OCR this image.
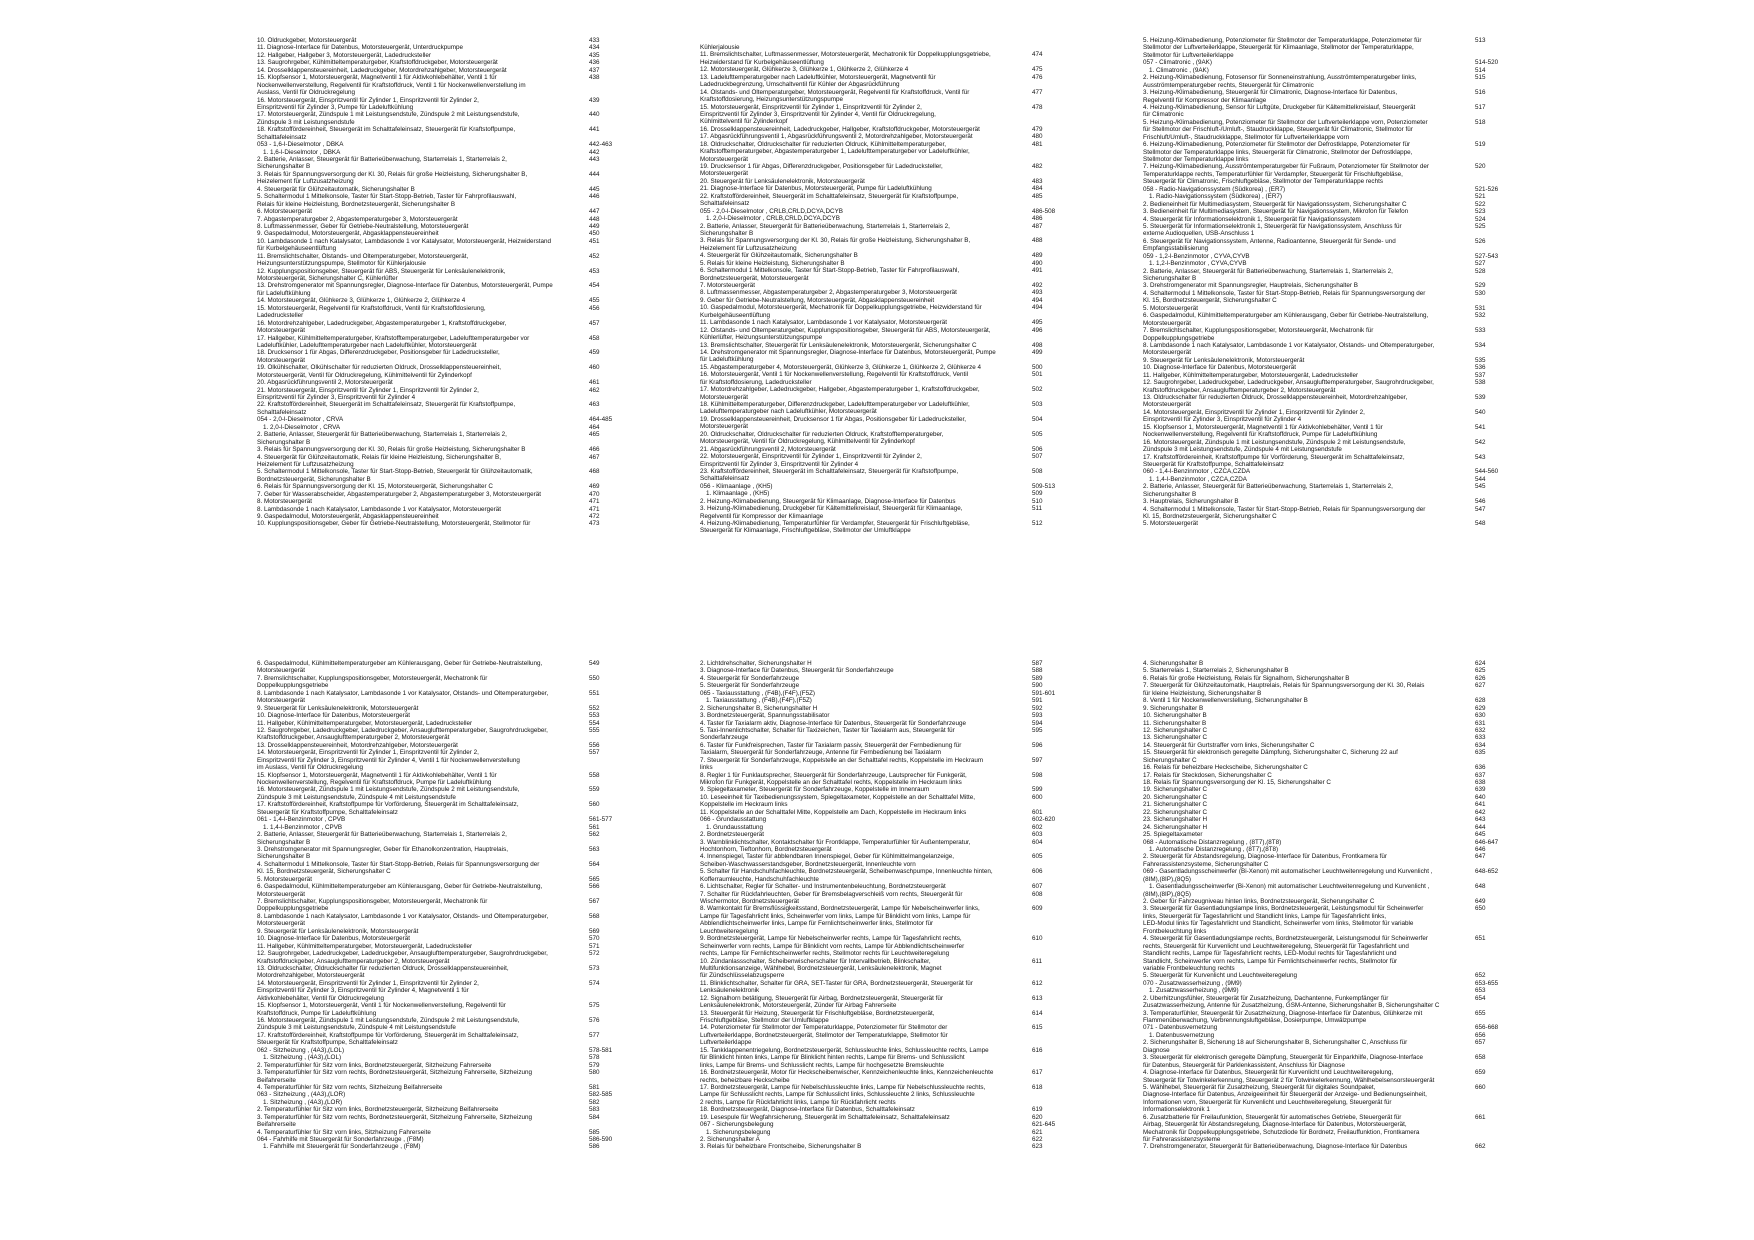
10. Öldruckgeber, Motorsteuergerät	433
11. Diagnose-Interface für Datenbus, Motorsteuergerät, Unterdruckpumpe	434
12. Hallgeber, Hallgeber 3, Motorsteuergerät, Ladedrucksteller	435
13. Saugrohrgeber, Kühlmitteltemperaturgeber, Kraftstoffdruckgeber, Motorsteuergerät	436
14. Drosselklappensteuereinheit, Ladedruckgeber, Motordrehzahlgeber, Motorsteuergerät	437
15. Klopfsensor 1, Motorsteuergerät, Magnetventil 1 für Aktivkohlebehälter, Ventil 1 für	438
Nockenwellenverstellung, Regelventil für Kraftstoffdruck, Ventil 1 für Nockenwellenverstellung im
Auslass, Ventil für Öldruckregelung
16. Motorsteuergerät, Einspritzventil für Zylinder 1, Einspritzventil für Zylinder 2,	439
Einspritzventil für Zylinder 3, Pumpe für Ladeluftkühlung
17. Motorsteuergerät, Zündspule 1 mit Leistungsendstufe, Zündspule 2 mit Leistungsendstufe,	440
Zündspule 3 mit Leistungsendstufe
18. Kraftstoffördereinheit, Steuergerät im Schalttafeleinsatz, Steuergerät für Kraftstoffpumpe,	441
Schalttafeleinsatz
053 - 1,6-l-Dieselmotor , DBKA	442-463
1. 1,6-l-Dieselmotor , DBKA	442
2. Batterie, Anlasser, Steuergerät für Batterieüberwachung, Starterrelais 1, Starterrelais 2,	443
Sicherungshalter B
3. Relais für Spannungsversorgung der Kl. 30, Relais für große Heizleistung, Sicherungshalter B,	444
Heizelement für Luftzusatzheizung
4. Steuergerät für Glühzeitautomatik, Sicherungshalter B	445
5. Schaltermodul 1 Mittelkonsole, Taster für Start-Stopp-Betrieb, Taster für Fahrprofilauswahl,	446
Relais für kleine Heizleistung, Bordnetzsteuergerät, Sicherungshalter B
6. Motorsteuergerät	447
7. Abgastemperaturgeber 2, Abgastemperaturgeber 3, Motorsteuergerät	448
8. Luftmassenmesser, Geber für Getriebe-Neutralstellung, Motorsteuergerät	449
9. Gaspedalmodul, Motorsteuergerät, Abgasklappensteuereinheit	450
10. Lambdasonde 1 nach Katalysator, Lambdasonde 1 vor Katalysator, Motorsteuergerät, Heizwiderstand	451
für Kurbelgehäuseentlüftung
11. Bremslichtschalter, Ölstands- und Öltemperaturgeber, Motorsteuergerät,	452
Heizungsunterstützungspumpe, Stellmotor für Kühlerjalousie
12. Kupplungspositionsgeber, Steuergerät für ABS, Steuergerät für Lenksäulenelektronik,	453
Motorsteuergerät, Sicherungshalter C, Kühlerlüfter
13. Drehstromgenerator mit Spannungsregler, Diagnose-Interface für Datenbus, Motorsteuergerät, Pumpe	454
für Ladeluftkühlung
14. Motorsteuergerät, Glühkerze 3, Glühkerze 1, Glühkerze 2, Glühkerze 4	455
15. Motorsteuergerät, Regelventil für Kraftstoffdruck, Ventil für Kraftstoffdosierung,	456
Ladedrucksteller
16. Motordrehzahlgeber, Ladedruckgeber, Abgastemperaturgeber 1, Kraftstoffdruckgeber,	457
Motorsteuergerät
17. Hallgeber, Kühlmitteltemperaturgeber, Kraftstofftemperaturgeber, Ladelufttemperaturgeber vor	458
Ladeluftkühler, Ladelufttemperaturgeber nach Ladeluftkühler, Motorsteuergerät
18. Drucksensor 1 für Abgas, Differenzdruckgeber, Positionsgeber für Ladedrucksteller,	459
Motorsteuergerät
19. Ölkühlschalter, Ölkühlschalter für reduzierten Öldruck, Drosselklappensteuereinheit,	460
Motorsteuergerät, Ventil für Öldruckregelung, Kühlmittelventil für Zylinderkopf
20. Abgasrückführungsventil 2, Motorsteuergerät	461
21. Motorsteuergerät, Einspritzventil für Zylinder 1, Einspritzventil für Zylinder 2,	462
Einspritzventil für Zylinder 3, Einspritzventil für Zylinder 4
22. Kraftstoffördereinheit, Steuergerät im Schalttafeleinsatz, Steuergerät für Kraftstoffpumpe,	463
Schalttafeleinsatz
054 - 2,0-l-Dieselmotor , CRVA	464-485
1. 2,0-l-Dieselmotor , CRVA	464
2. Batterie, Anlasser, Steuergerät für Batterieüberwachung, Starterrelais 1, Starterrelais 2,	465
Sicherungshalter B
3. Relais für Spannungsversorgung der Kl. 30, Relais für große Heizleistung, Sicherungshalter B	466
4. Steuergerät für Glühzeitautomatik, Relais für kleine Heizleistung, Sicherungshalter B,	467
Heizelement für Luftzusatzheizung
5. Schaltermodul 1 Mittelkonsole, Taster für Start-Stopp-Betrieb, Steuergerät für Glühzeitautomatik,	468
Bordnetzsteuergerät, Sicherungshalter B
6. Relais für Spannungsversorgung der Kl. 15, Motorsteuergerät, Sicherungshalter C	469
7. Geber für Wasserabscheider, Abgastemperaturgeber 2, Abgastemperaturgeber 3, Motorsteuergerät	470
8. Motorsteuergerät	471
8. Lambdasonde 1 nach Katalysator, Lambdasonde 1 vor Katalysator, Motorsteuergerät	471
9. Gaspedalmodul, Motorsteuergerät, Abgasklappensteuereinheit	472
10. Kupplungspositionsgeber, Geber für Getriebe-Neutralstellung, Motorsteuergerät, Stellmotor für	473
Kühlerjalousie
11. Bremslichtschalter, Luftmassenmesser, Motorsteuergerät, Mechatronik für Doppelkupplungsgetriebe,	474
Heizwiderstand für Kurbelgehäuseentlüftung
12. Motorsteuergerät, Glühkerze 3, Glühkerze 1, Glühkerze 2, Glühkerze 4	475
13. Ladelufttemperaturgeber nach Ladeluftkühler, Motorsteuergerät, Magnetventil für	476
Ladedruckbegrenzung, Umschaltventil für Kühler der Abgasrückführung
14. Ölstands- und Öltemperaturgeber, Motorsteuergerät, Regelventil für Kraftstoffdruck, Ventil für	477
Kraftstoffdosierung, Heizungsunterstützungspumpe
15. Motorsteuergerät, Einspritzventil für Zylinder 1, Einspritzventil für Zylinder 2,	478
Einspritzventil für Zylinder 3, Einspritzventil für Zylinder 4, Ventil für Öldruckregelung,
Kühlmittelventil für Zylinderkopf
16. Drosselklappensteuereinheit, Ladedruckgeber, Hallgeber, Kraftstoffdruckgeber, Motorsteuergerät	479
17. Abgasrückführungsventil 1, Abgasrückführungsventil 2, Motordrehzahlgeber, Motorsteuergerät	480
18. Öldruckschalter, Öldruckschalter für reduzierten Öldruck, Kühlmitteltemperaturgeber,	481
Kraftstofftemperaturgeber, Abgastemperaturgeber 1, Ladelufttemperaturgeber vor Ladeluftkühler,
Motorsteuergerät
19. Drucksensor 1 für Abgas, Differenzdruckgeber, Positionsgeber für Ladedrucksteller,	482
Motorsteuergerät
20. Steuergerät für Lenksäulenelektronik, Motorsteuergerät	483
21. Diagnose-Interface für Datenbus, Motorsteuergerät, Pumpe für Ladeluftkühlung	484
22. Kraftstoffördereinheit, Steuergerät im Schalttafeleinsatz, Steuergerät für Kraftstoffpumpe,	485
Schalttafeleinsatz
055 - 2,0-l-Dieselmotor , CRLB,CRLD,DCYA,DCYB	486-508
1. 2,0-l-Dieselmotor , CRLB,CRLD,DCYA,DCYB	486
2. Batterie, Anlasser, Steuergerät für Batterieüberwachung, Starterrelais 1, Starterrelais 2,	487
Sicherungshalter B
3. Relais für Spannungsversorgung der Kl. 30, Relais für große Heizleistung, Sicherungshalter B,	488
Heizelement für Luftzusatzheizung
4. Steuergerät für Glühzeitautomatik, Sicherungshalter B	489
5. Relais für kleine Heizleistung, Sicherungshalter B	490
6. Schaltermodul 1 Mittelkonsole, Taster für Start-Stopp-Betrieb, Taster für Fahrprofilauswahl,	491
Bordnetzsteuergerät, Motorsteuergerät
7. Motorsteuergerät	492
8. Luftmassenmesser, Abgastemperaturgeber 2, Abgastemperaturgeber 3, Motorsteuergerät	493
9. Geber für Getriebe-Neutralstellung, Motorsteuergerät, Abgasklappensteuereinheit	494
10. Gaspedalmodul, Motorsteuergerät, Mechatronik für Doppelkupplungsgetriebe, Heizwiderstand für	494
Kurbelgehäuseentlüftung
11. Lambdasonde 1 nach Katalysator, Lambdasonde 1 vor Katalysator, Motorsteuergerät	495
12. Ölstands- und Öltemperaturgeber, Kupplungspositionsgeber, Steuergerät für ABS, Motorsteuergerät,	496
Kühlerlüfter, Heizungsunterstützungspumpe
13. Bremslichtschalter, Steuergerät für Lenksäulenelektronik, Motorsteuergerät, Sicherungshalter C	498
14. Drehstromgenerator mit Spannungsregler, Diagnose-Interface für Datenbus, Motorsteuergerät, Pumpe	499
für Ladeluftkühlung
15. Abgastemperaturgeber 4, Motorsteuergerät, Glühkerze 3, Glühkerze 1, Glühkerze 2, Glühkerze 4	500
16. Motorsteuergerät, Ventil 1 für Nockenwellenverstellung, Regelventil für Kraftstoffdruck, Ventil	501
für Kraftstoffdosierung, Ladedrucksteller
17. Motordrehzahlgeber, Ladedruckgeber, Hallgeber, Abgastemperaturgeber 1, Kraftstoffdruckgeber,	502
Motorsteuergerät
18. Kühlmitteltemperaturgeber, Differenzdruckgeber, Ladelufttemperaturgeber vor Ladeluftkühler,	503
Ladelufttemperaturgeber nach Ladeluftkühler, Motorsteuergerät
19. Drosselklappensteuereinheit, Drucksensor 1 für Abgas, Positionsgeber für Ladedrucksteller,	504
Motorsteuergerät
20. Öldruckschalter, Öldruckschalter für reduzierten Öldruck, Kraftstofftemperaturgeber,	505
Motorsteuergerät, Ventil für Öldruckregelung, Kühlmittelventil für Zylinderkopf
21. Abgasrückführungsventil 2, Motorsteuergerät	506
22. Motorsteuergerät, Einspritzventil für Zylinder 1, Einspritzventil für Zylinder 2,	507
Einspritzventil für Zylinder 3, Einspritzventil für Zylinder 4
23. Kraftstoffördereinheit, Steuergerät im Schalttafeleinsatz, Steuergerät für Kraftstoffpumpe,	508
Schalttafeleinsatz
056 - Klimaanlage , (KH5)	509-513
1. Klimaanlage , (KH5)	509
2. Heizung-/Klimabedienung, Steuergerät für Klimaanlage, Diagnose-Interface für Datenbus	510
3. Heizung-/Klimabedienung, Druckgeber für Kältemittelkreislauf, Steuergerät für Klimaanlage,	511
Regelventil für Kompressor der Klimaanlage
4. Heizung-/Klimabedienung, Temperaturfühler für Verdampfer, Steuergerät für Frischluftgebläse,	512
Steuergerät für Klimaanlage, Frischluftgebläse, Stellmotor der Umluftklappe
5. Heizung-/Klimabedienung, Potenziometer für Stellmotor der Temperaturklappe, Potenziometer für	513
Stellmotor der Luftverteilerklappe, Steuergerät für Klimaanlage, Stellmotor der Temperaturklappe,
Stellmotor für Luftverteilerklappe
057 - Climatronic , (9AK)	514-520
1. Climatronic , (9AK)	514
2. Heizung-/Klimabedienung, Fotosensor für Sonneneinstrahlung, Ausströmtemperaturgeber links,	515
Ausströmtemperaturgeber rechts, Steuergerät für Climatronic
3. Heizung-/Klimabedienung, Steuergerät für Climatronic, Diagnose-Interface für Datenbus,	516
Regelventil für Kompressor der Klimaanlage
4. Heizung-/Klimabedienung, Sensor für Luftgüte, Druckgeber für Kältemittelkreislauf, Steuergerät	517
für Climatronic
5. Heizung-/Klimabedienung, Potenziometer für Stellmotor der Luftverteilerklappe vorn, Potenziometer	518
für Stellmotor der Frischluft-/Umluft-, Staudruckklappe, Steuergerät für Climatronic, Stellmotor für
Frischluft/Umluft-, Staudruckklappe, Stellmotor für Luftverteilerklappe vorn
6. Heizung-/Klimabedienung, Potenziometer für Stellmotor der Defrostklappe, Potenziometer für	519
Stellmotor der Temperaturklappe links, Steuergerät für Climatronic, Stellmotor der Defrostklappe,
Stellmotor der Temperaturklappe links
7. Heizung-/Klimabedienung, Ausströmtemperaturgeber für Fußraum, Potenziometer für Stellmotor der	520
Temperaturklappe rechts, Temperaturfühler für Verdampfer, Steuergerät für Frischluftgebläse,
Steuergerät für Climatronic, Frischluftgebläse, Stellmotor der Temperaturklappe rechts
058 - Radio-Navigationssystem (Südkorea) , (ER7)	521-526
1. Radio-Navigationssystem (Südkorea) , (ER7)	521
2. Bedieneinheit für Multimediasystem, Steuergerät für Navigationssystem, Sicherungshalter C	522
3. Bedieneinheit für Multimediasystem, Steuergerät für Navigationssystem, Mikrofon für Telefon	523
4. Steuergerät für Informationselektronik 1, Steuergerät für Navigationssystem	524
5. Steuergerät für Informationselektronik 1, Steuergerät für Navigationssystem, Anschluss für	525
externe Audioquellen, USB-Anschluss 1
6. Steuergerät für Navigationssystem, Antenne, Radioantenne, Steuergerät für Sende- und	526
Empfangsstabilisierung
059 - 1,2-l-Benzinmotor , CYVA,CYVB	527-543
1. 1,2-l-Benzinmotor , CYVA,CYVB	527
2. Batterie, Anlasser, Steuergerät für Batterieüberwachung, Starterrelais 1, Starterrelais 2,	528
Sicherungshalter B
3. Drehstromgenerator mit Spannungsregler, Hauptrelais, Sicherungshalter B	529
4. Schaltermodul 1 Mittelkonsole, Taster für Start-Stopp-Betrieb, Relais für Spannungsversorgung der	530
Kl. 15, Bordnetzsteuergerät, Sicherungshalter C
5. Motorsteuergerät	531
6. Gaspedalmodul, Kühlmitteltemperaturgeber am Kühlerausgang, Geber für Getriebe-Neutralstellung,	532
Motorsteuergerät
7. Bremslichtschalter, Kupplungspositionsgeber, Motorsteuergerät, Mechatronik für	533
Doppelkupplungsgetriebe
8. Lambdasonde 1 nach Katalysator, Lambdasonde 1 vor Katalysator, Ölstands- und Öltemperaturgeber,	534
Motorsteuergerät
9. Steuergerät für Lenksäulenelektronik, Motorsteuergerät	535
10. Diagnose-Interface für Datenbus, Motorsteuergerät	536
11. Hallgeber, Kühlmitteltemperaturgeber, Motorsteuergerät, Ladedrucksteller	537
12. Saugrohrgeber, Ladedruckgeber, Ladedruckgeber, Ansauglufttemperaturgeber, Saugrohrdruckgeber,	538
Kraftstoffdruckgeber, Ansauglufttemperaturgeber 2, Motorsteuergerät
13. Öldruckschalter für reduzierten Öldruck, Drosselklappensteuereinheit, Motordrehzahlgeber,	539
Motorsteuergerät
14. Motorsteuergerät, Einspritzventil für Zylinder 1, Einspritzventil für Zylinder 2,	540
Einspritzventil für Zylinder 3, Einspritzventil für Zylinder 4
15. Klopfsensor 1, Motorsteuergerät, Magnetventil 1 für Aktivkohlebehälter, Ventil 1 für	541
Nockenwellenverstellung, Regelventil für Kraftstoffdruck, Pumpe für Ladeluftkühlung
16. Motorsteuergerät, Zündspule 1 mit Leistungsendstufe, Zündspule 2 mit Leistungsendstufe,	542
Zündspule 3 mit Leistungsendstufe, Zündspule 4 mit Leistungsendstufe
17. Kraftstoffördereinheit, Kraftstoffpumpe für Vorförderung, Steuergerät im Schalttafeleinsatz,	543
Steuergerät für Kraftstoffpumpe, Schalttafeleinsatz
060 - 1,4-l-Benzinmotor , CZCA,CZDA	544-560
1. 1,4-l-Benzinmotor , CZCA,CZDA	544
2. Batterie, Anlasser, Steuergerät für Batterieüberwachung, Starterrelais 1, Starterrelais 2,	545
Sicherungshalter B
3. Hauptrelais, Sicherungshalter B	546
4. Schaltermodul 1 Mittelkonsole, Taster für Start-Stopp-Betrieb, Relais für Spannungsversorgung der	547
Kl. 15, Bordnetzsteuergerät, Sicherungshalter C
5. Motorsteuergerät	548
6. Gaspedalmodul, Kühlmitteltemperaturgeber am Kühlerausgang, Geber für Getriebe-Neutralstellung,	549
Motorsteuergerät
7. Bremslichtschalter, Kupplungspositionsgeber, Motorsteuergerät, Mechatronik für	550
Doppelkupplungsgetriebe
8. Lambdasonde 1 nach Katalysator, Lambdasonde 1 vor Katalysator, Ölstands- und Öltemperaturgeber,	551
Motorsteuergerät
9. Steuergerät für Lenksäulenelektronik, Motorsteuergerät	552
10. Diagnose-Interface für Datenbus, Motorsteuergerät	553
11. Hallgeber, Kühlmitteltemperaturgeber, Motorsteuergerät, Ladedrucksteller	554
12. Saugrohrgeber, Ladedruckgeber, Ladedruckgeber, Ansauglufttemperaturgeber, Saugrohrdruckgeber,	555
Kraftstoffdruckgeber, Ansauglufttemperaturgeber 2, Motorsteuergerät
13. Drosselklappensteuereinheit, Motordrehzahlgeber, Motorsteuergerät	556
14. Motorsteuergerät, Einspritzventil für Zylinder 1, Einspritzventil für Zylinder 2,	557
Einspritzventil für Zylinder 3, Einspritzventil für Zylinder 4, Ventil 1 für Nockenwellenverstellung
im Auslass, Ventil für Öldruckregelung
15. Klopfsensor 1, Motorsteuergerät, Magnetventil 1 für Aktivkohlebehälter, Ventil 1 für	558
Nockenwellenverstellung, Regelventil für Kraftstoffdruck, Pumpe für Ladeluftkühlung
16. Motorsteuergerät, Zündspule 1 mit Leistungsendstufe, Zündspule 2 mit Leistungsendstufe,	559
Zündspule 3 mit Leistungsendstufe, Zündspule 4 mit Leistungsendstufe
17. Kraftstoffördereinheit, Kraftstoffpumpe für Vorförderung, Steuergerät im Schalttafeleinsatz,	560
Steuergerät für Kraftstoffpumpe, Schalttafeleinsatz
061 - 1,4-l-Benzinmotor , CPVB	561-577
1. 1,4-l-Benzinmotor , CPVB	561
2. Batterie, Anlasser, Steuergerät für Batterieüberwachung, Starterrelais 1, Starterrelais 2,	562
Sicherungshalter B
3. Drehstromgenerator mit Spannungsregler, Geber für Ethanolkonzentration, Hauptrelais,	563
Sicherungshalter B
4. Schaltermodul 1 Mittelkonsole, Taster für Start-Stopp-Betrieb, Relais für Spannungsversorgung der	564
Kl. 15, Bordnetzsteuergerät, Sicherungshalter C
5. Motorsteuergerät	565
6. Gaspedalmodul, Kühlmitteltemperaturgeber am Kühlerausgang, Geber für Getriebe-Neutralstellung,	566
Motorsteuergerät
7. Bremslichtschalter, Kupplungspositionsgeber, Motorsteuergerät, Mechatronik für	567
Doppelkupplungsgetriebe
8. Lambdasonde 1 nach Katalysator, Lambdasonde 1 vor Katalysator, Ölstands- und Öltemperaturgeber,	568
Motorsteuergerät
9. Steuergerät für Lenksäulenelektronik, Motorsteuergerät	569
10. Diagnose-Interface für Datenbus, Motorsteuergerät	570
11. Hallgeber, Kühlmitteltemperaturgeber, Motorsteuergerät, Ladedrucksteller	571
12. Saugrohrgeber, Ladedruckgeber, Ladedruckgeber, Ansauglufttemperaturgeber, Saugrohrdruckgeber,	572
Kraftstoffdruckgeber, Ansauglufttemperaturgeber 2, Motorsteuergerät
13. Öldruckschalter, Öldruckschalter für reduzierten Öldruck, Drosselklappensteuereinheit,	573
Motordrehzahlgeber, Motorsteuergerät
14. Motorsteuergerät, Einspritzventil für Zylinder 1, Einspritzventil für Zylinder 2,	574
Einspritzventil für Zylinder 3, Einspritzventil für Zylinder 4, Magnetventil 1 für
Aktivkohlebehälter, Ventil für Öldruckregelung
15. Klopfsensor 1, Motorsteuergerät, Ventil 1 für Nockenwellenverstellung, Regelventil für	575
Kraftstoffdruck, Pumpe für Ladeluftkühlung
16. Motorsteuergerät, Zündspule 1 mit Leistungsendstufe, Zündspule 2 mit Leistungsendstufe,	576
Zündspule 3 mit Leistungsendstufe, Zündspule 4 mit Leistungsendstufe
17. Kraftstoffördereinheit, Kraftstoffpumpe für Vorförderung, Steuergerät im Schalttafeleinsatz,	577
Steuergerät für Kraftstoffpumpe, Schalttafeleinsatz
062 - Sitzheizung , (4A3),(LOL)	578-581
1. Sitzheizung , (4A3),(LOL)	578
2. Temperaturfühler für Sitz vorn links, Bordnetzsteuergerät, Sitzheizung Fahrerseite	579
3. Temperaturfühler für Sitz vorn rechts, Bordnetzsteuergerät, Sitzheizung Fahrerseite, Sitzheizung	580
Beifahrerseite
4. Temperaturfühler für Sitz vorn rechts, Sitzheizung Beifahrerseite	581
063 - Sitzheizung , (4A3),(LOR)	582-585
1. Sitzheizung , (4A3),(LOR)	582
2. Temperaturfühler für Sitz vorn links, Bordnetzsteuergerät, Sitzheizung Beifahrerseite	583
3. Temperaturfühler für Sitz vorn rechts, Bordnetzsteuergerät, Sitzheizung Fahrerseite, Sitzheizung	584
Beifahrerseite
4. Temperaturfühler für Sitz vorn links, Sitzheizung Fahrerseite	585
064 - Fahrhilfe mit Steuergerät für Sonderfahrzeuge , (F8M)	586-590
1. Fahrhilfe mit Steuergerät für Sonderfahrzeuge , (F8M)	586
2. Lichtdrehschalter, Sicherungshalter H	587
3. Diagnose-Interface für Datenbus, Steuergerät für Sonderfahrzeuge	588
4. Steuergerät für Sonderfahrzeuge	589
5. Steuergerät für Sonderfahrzeuge	590
065 - Taxiausstattung , (F4B),(F4F),(F5Z)	591-601
1. Taxiausstattung , (F4B),(F4F),(F5Z)	591
2. Sicherungshalter B, Sicherungshalter H	592
3. Bordnetzsteuergerät, Spannungsstabilisator	593
4. Taster für Taxialarm aktiv, Diagnose-Interface für Datenbus, Steuergerät für Sonderfahrzeuge	594
5. Taxi-Innenlichtschalter, Schalter für Taxizeichen, Taster für Taxialarm aus, Steuergerät für	595
Sonderfahrzeuge
6. Taster für Funkfreisprechen, Taster für Taxialarm passiv, Steuergerät der Fernbedienung für	596
Taxialarm, Steuergerät für Sonderfahrzeuge, Antenne für Fernbedienung bei Taxialarm
7. Steuergerät für Sonderfahrzeuge, Koppelstelle an der Schalttafel rechts, Koppelstelle im Heckraum	597
links
8. Regler 1 für Funklautsprecher, Steuergerät für Sonderfahrzeuge, Lautsprecher für Funkgerät,	598
Mikrofon für Funkgerät, Koppelstelle an der Schalttafel rechts, Koppelstelle im Heckraum links
9. Spiegeltaxameter, Steuergerät für Sonderfahrzeuge, Koppelstelle im Innenraum	599
10. Leseeinheit für Taxibedienungssystem, Spiegeltaxameter, Koppelstelle an der Schalttafel Mitte,	600
Koppelstelle im Heckraum links
11. Koppelstelle an der Schalttafel Mitte, Koppelstelle am Dach, Koppelstelle im Heckraum links	601
066 - Grundausstattung	602-620
1. Grundausstattung	602
2. Bordnetzsteuergerät	603
3. Warnblinklichtschalter, Kontaktschalter für Frontklappe, Temperaturfühler für Außentemperatur,	604
Hochtonhorn, Tieftonhorn, Bordnetzsteuergerät
4. Innenspiegel, Taster für abblendbaren Innenspiegel, Geber für Kühlmittelmangelanzeige,	605
Scheiben-Waschwasserstandsgeber, Bordnetzsteuergerät, Innenleuchte vorn
5. Schalter für Handschuhfachleuchte, Bordnetzsteuergerät, Scheibenwaschpumpe, Innenleuchte hinten,	606
Kofferraumleuchte, Handschuhfachleuchte
6. Lichtschalter, Regler für Schalter- und Instrumentenbeleuchtung, Bordnetzsteuergerät	607
7. Schalter für Rückfahrleuchten, Geber für Bremsbelagverschleiß vorn rechts, Steuergerät für	608
Wischermotor, Bordnetzsteuergerät
8. Warnkontakt für Bremsflüssigkeitsstand, Bordnetzsteuergerät, Lampe für Nebelscheinwerfer links,	609
Lampe für Tagesfahrlicht links, Scheinwerfer vorn links, Lampe für Blinklicht vorn links, Lampe für
Abblendlichtscheinwerfer links, Lampe für Fernlichtscheinwerfer links, Stellmotor für
Leuchtweiteregelung
9. Bordnetzsteuergerät, Lampe für Nebelscheinwerfer rechts, Lampe für Tagesfahrlicht rechts,	610
Scheinwerfer vorn rechts, Lampe für Blinklicht vorn rechts, Lampe für Abblendlichtscheinwerfer
rechts, Lampe für Fernlichtscheinwerfer rechts, Stellmotor rechts für Leuchtweiteregelung
10. Zündanlassschalter, Scheibenwischerschalter für Intervallbetrieb, Blinkschalter,	611
Multifunktionsanzeige, Wählhebel, Bordnetzsteuergerät, Lenksäulenelektronik, Magnet
für Zündschlüsselabzugsperre
11. Blinklichtschalter, Schalter für GRA, SET-Taster für GRA, Bordnetzsteuergerät, Steuergerät für	612
Lenksäulenelektronik
12. Signalhorn betätigung, Steuergerät für Airbag, Bordnetzsteuergerät, Steuergerät für	613
Lenksäulenelektronik, Motorsteuergerät, Zünder für Airbag Fahrerseite
13. Steuergerät für Heizung, Steuergerät für Frischluftgebläse, Bordnetzsteuergerät,	614
Frischluftgebläse, Stellmotor der Umluftklappe
14. Potenziometer für Stellmotor der Temperaturklappe, Potenziometer für Stellmotor der	615
Luftverteilerklappe, Bordnetzsteuergerät, Stellmotor der Temperaturklappe, Stellmotor für
Luftverteilerklappe
15. Tankklappenentriegelung, Bordnetzsteuergerät, Schlussleuchte links, Schlussleuchte rechts, Lampe	616
für Blinklicht hinten links, Lampe für Blinklicht hinten rechts, Lampe für Brems- und Schlusslicht
links, Lampe für Brems- und Schlusslicht rechts, Lampe für hochgesetzte Bremsleuchte
16. Bordnetzsteuergerät, Motor für Heckscheibenwischer, Kennzeichenleuchte links, Kennzeichenleuchte	617
rechts, beheizbare Heckscheibe
17. Bordnetzsteuergerät, Lampe für Nebelschlussleuchte links, Lampe für Nebelschlussleuchte rechts,	618
Lampe für Schlusslicht rechts, Lampe für Schlusslicht links, Schlussleuchte 2 links, Schlussleuchte
2 rechts, Lampe für Rückfahrlicht links, Lampe für Rückfahrlicht rechts
18. Bordnetzsteuergerät, Diagnose-Interface für Datenbus, Schalttafeleinsatz	619
19. Lesespule für Wegfahrsicherung, Steuergerät im Schalttafeleinsatz, Schalttafeleinsatz	620
067 - Sicherungsbelegung	621-645
1. Sicherungsbelegung	621
2. Sicherungshalter A	622
3. Relais für beheizbare Frontscheibe, Sicherungshalter B	623
4. Sicherungshalter B	624
5. Starterrelais 1, Starterrelais 2, Sicherungshalter B	625
6. Relais für große Heizleistung, Relais für Signalhorn, Sicherungshalter B	626
7. Steuergerät für Glühzeitautomatik, Hauptrelais, Relais für Spannungsversorgung der Kl. 30, Relais	627
für kleine Heizleistung, Sicherungshalter B
8. Ventil 1 für Nockenwellenverstellung, Sicherungshalter B	628
9. Sicherungshalter B	629
10. Sicherungshalter B	630
11. Sicherungshalter B	631
12. Sicherungshalter C	632
13. Sicherungshalter C	633
14. Steuergerät für Gurtstraffer vorn links, Sicherungshalter C	634
15. Steuergerät für elektronisch geregelte Dämpfung, Sicherungshalter C, Sicherung 22 auf	635
Sicherungshalter C
16. Relais für beheizbare Heckscheibe, Sicherungshalter C	636
17. Relais für Steckdosen, Sicherungshalter C	637
18. Relais für Spannungsversorgung der Kl. 15, Sicherungshalter C	638
19. Sicherungshalter C	639
20. Sicherungshalter C	640
21. Sicherungshalter C	641
22. Sicherungshalter C	642
23. Sicherungshalter H	643
24. Sicherungshalter H	644
25. Spiegeltaxameter	645
068 - Automatische Distanzregelung , (8T7),(8T8)	646-647
1. Automatische Distanzregelung , (8T7),(8T8)	646
2. Steuergerät für Abstandsregelung, Diagnose-Interface für Datenbus, Frontkamera für	647
Fahrerassistenzsysteme, Sicherungshalter C
069 - Gasentladungsscheinwerfer (Bi-Xenon) mit automatischer Leuchtweitenregelung und Kurvenlicht ,	648-652
(8IM),(8IP),(8Q5)
1. Gasentladungsscheinwerfer (Bi-Xenon) mit automatischer Leuchtweitenregelung und Kurvenlicht ,	648
(8IM),(8IP),(8Q5)
2. Geber für Fahrzeugniveau hinten links, Bordnetzsteuergerät, Sicherungshalter C	649
3. Steuergerät für Gasentladungslampe links, Bordnetzsteuergerät, Leistungsmodul für Scheinwerfer	650
links, Steuergerät für Tagesfahrlicht und Standlicht links, Lampe für Tagesfahrlicht links,
LED-Modul links für Tagesfahrlicht und Standlicht, Scheinwerfer vorn links, Stellmotor für variable
Frontbeleuchtung links
4. Steuergerät für Gasentladungslampe rechts, Bordnetzsteuergerät, Leistungsmodul für Scheinwerfer	651
rechts, Steuergerät für Kurvenlicht und Leuchtweiteregelung, Steuergerät für Tagesfahrlicht und
Standlicht rechts, Lampe für Tagesfahrlicht rechts, LED-Modul rechts für Tagesfahrlicht und
Standlicht, Scheinwerfer vorn rechts, Lampe für Fernlichtscheinwerfer rechts, Stellmotor für
variable Frontbeleuchtung rechts
5. Steuergerät für Kurvenlicht und Leuchtweiteregelung	652
070 - Zusatzwasserheizung , (9M9)	653-655
1. Zusatzwasserheizung , (9M9)	653
2. Überhitzungsfühler, Steuergerät für Zusatzheizung, Dachantenne, Funkempfänger für	654
Zusatzwasserheizung, Antenne für Zusatzheizung, GSM-Antenne, Sicherungshalter B, Sicherungshalter C
3. Temperaturfühler, Steuergerät für Zusatzheizung, Diagnose-Interface für Datenbus, Glühkerze mit	655
Flammenüberwachung, Verbrennungsluftgebläse, Dosierpumpe, Umwälzpumpe
071 - Datenbusvernetzung	656-668
1. Datenbusvernetzung	656
2. Sicherungshalter B, Sicherung 18 auf Sicherungshalter B, Sicherungshalter C, Anschluss für	657
Diagnose
3. Steuergerät für elektronisch geregelte Dämpfung, Steuergerät für Einparkhilfe, Diagnose-Interface	658
für Datenbus, Steuergerät für Parklenkassistent, Anschluss für Diagnose
4. Diagnose-Interface für Datenbus, Steuergerät für Kurvenlicht und Leuchtweiteregelung,	659
Steuergerät für Totwinkelerkennung, Steuergerät 2 für Totwinkelerkennung, Wählhebelsensorsteuergerät
5. Wählhebel, Steuergerät für Zusatzheizung, Steuergerät für digitales Soundpaket,	660
Diagnose-Interface für Datenbus, Anzeigeeinheit für Steuergerät der Anzeige- und Bedienungseinheit,
Informationen vorn, Steuergerät für Kurvenlicht und Leuchtweiteregelung, Steuergerät für
Informationselektronik 1
6. Zusatzbatterie für Freilaufunktion, Steuergerät für automatisches Getriebe, Steuergerät für	661
Airbag, Steuergerät für Abstandsregelung, Diagnose-Interface für Datenbus, Motorsteuergerät,
Mechatronik für Doppelkupplungsgetriebe, Schutzdiode für Bordnetz, Freilauffunktion, Frontkamera
für Fahrerassistenzsysteme
7. Drehstromgenerator, Steuergerät für Batterieüberwachung, Diagnose-Interface für Datenbus	662
